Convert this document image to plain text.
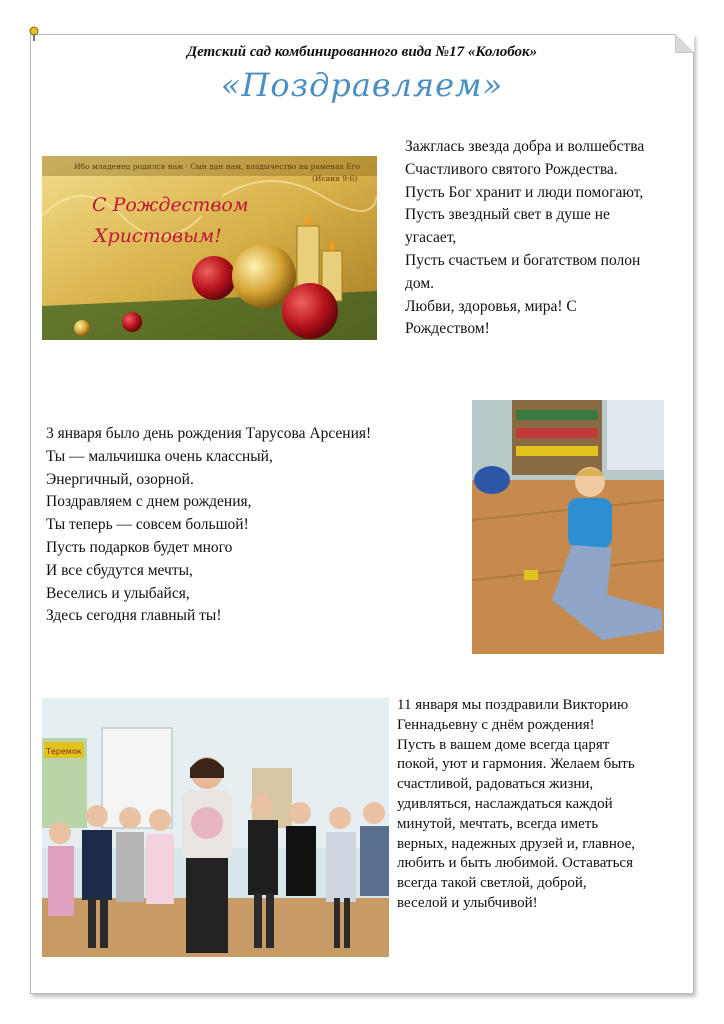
Детский сад комбинированного вида №17 «Колобок»
«Поздравляем»
Ибо младенец родился нам · Сын дан нам, владычество на раменах Его
(Исаия 9:6)
С Рождеством
Христовым!
Зажглась звезда добра и волшебства
Счастливого святого Рождества.
Пусть Бог хранит и люди помогают,
Пусть звездный свет в душе не
угасает,
Пусть счастьем и богатством полон
дом.
Любви, здоровья, мира! С
Рождеством!
3 января было день рождения Тарусова Арсения!
Ты — мальчишка очень классный,
Энергичный, озорной.
Поздравляем с днем рождения,
Ты теперь — совсем большой!
Пусть подарков будет много
И все сбудутся мечты,
Веселись и улыбайся,
Здесь сегодня главный ты!
Теремок
11 января мы поздравили Викторию
Геннадьевну с днём рождения!
Пусть в вашем доме всегда царят
покой, уют и гармония. Желаем быть
счастливой, радоваться жизни,
удивляться, наслаждаться каждой
минутой, мечтать, всегда иметь
верных, надежных друзей и, главное,
любить и быть любимой. Оставаться
всегда такой светлой, доброй,
веселой и улыбчивой!
